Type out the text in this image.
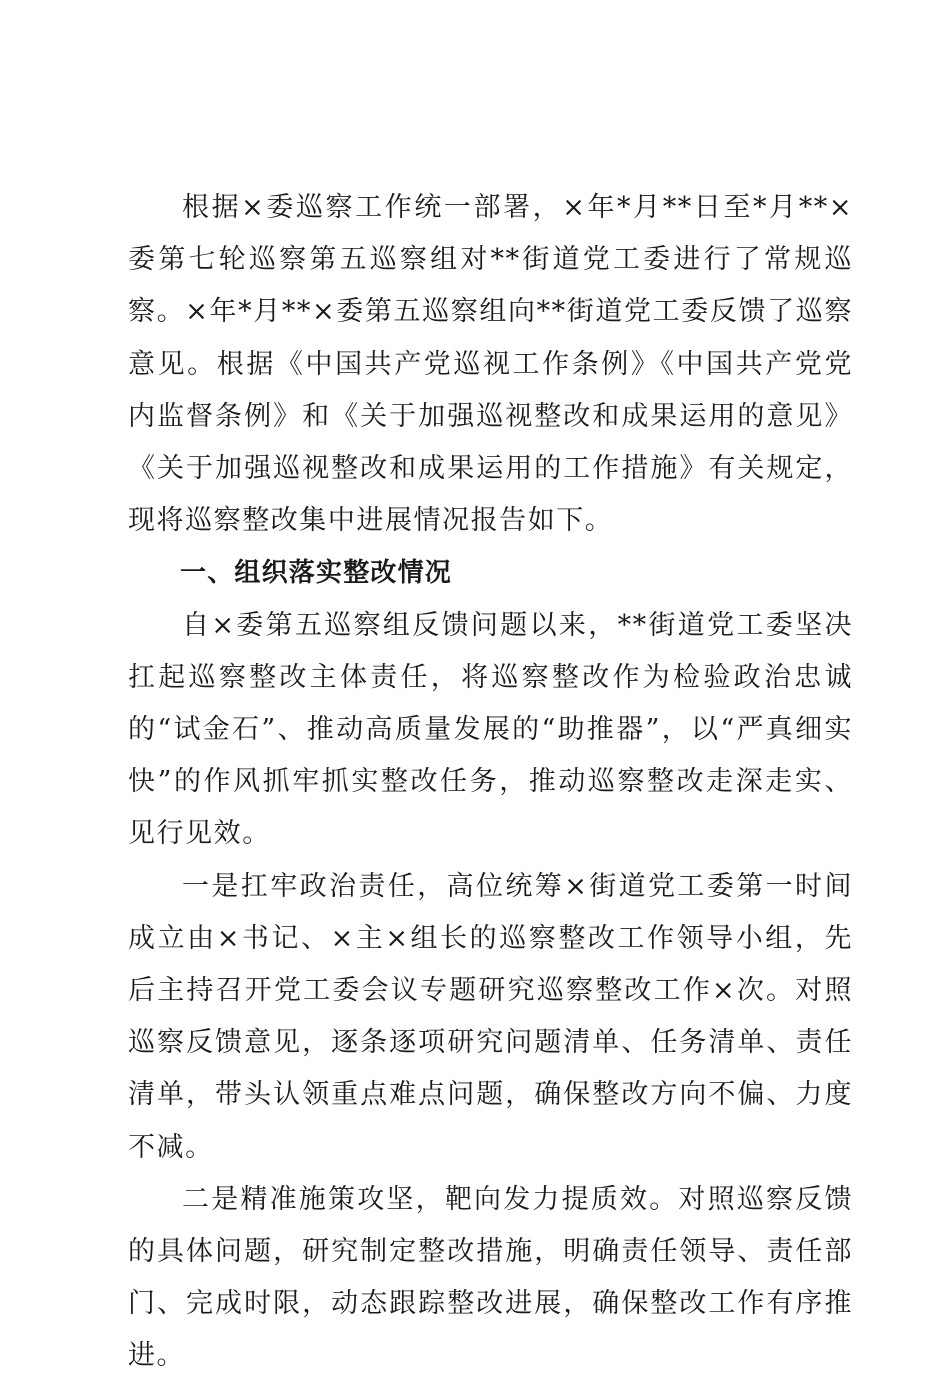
根据×委巡察工作统一部署，×年*月**日至*月**×委第七轮巡察第五巡察组对**街道党工委进行了常规巡察。×年*月**×委第五巡察组向**街道党工委反馈了巡察意见。根据《中国共产党巡视工作条例》《中国共产党党内监督条例》和《关于加强巡视整改和成果运用的意见》《关于加强巡视整改和成果运用的工作措施》有关规定，现将巡察整改集中进展情况报告如下。

一、组织落实整改情况

自×委第五巡察组反馈问题以来，**街道党工委坚决扛起巡察整改主体责任，将巡察整改作为检验政治忠诚的“试金石”、推动高质量发展的“助推器”，以“严真细实快”的作风抓牢抓实整改任务，推动巡察整改走深走实、见行见效。

一是扛牢政治责任，高位统筹×街道党工委第一时间成立由×书记、×主×组长的巡察整改工作领导小组，先后主持召开党工委会议专题研究巡察整改工作×次。对照巡察反馈意见，逐条逐项研究问题清单、任务清单、责任清单，带头认领重点难点问题，确保整改方向不偏、力度不减。

二是精准施策攻坚，靶向发力提质效。对照巡察反馈的具体问题，研究制定整改措施，明确责任领导、责任部门、完成时限，动态跟踪整改进展，确保整改工作有序推进。
